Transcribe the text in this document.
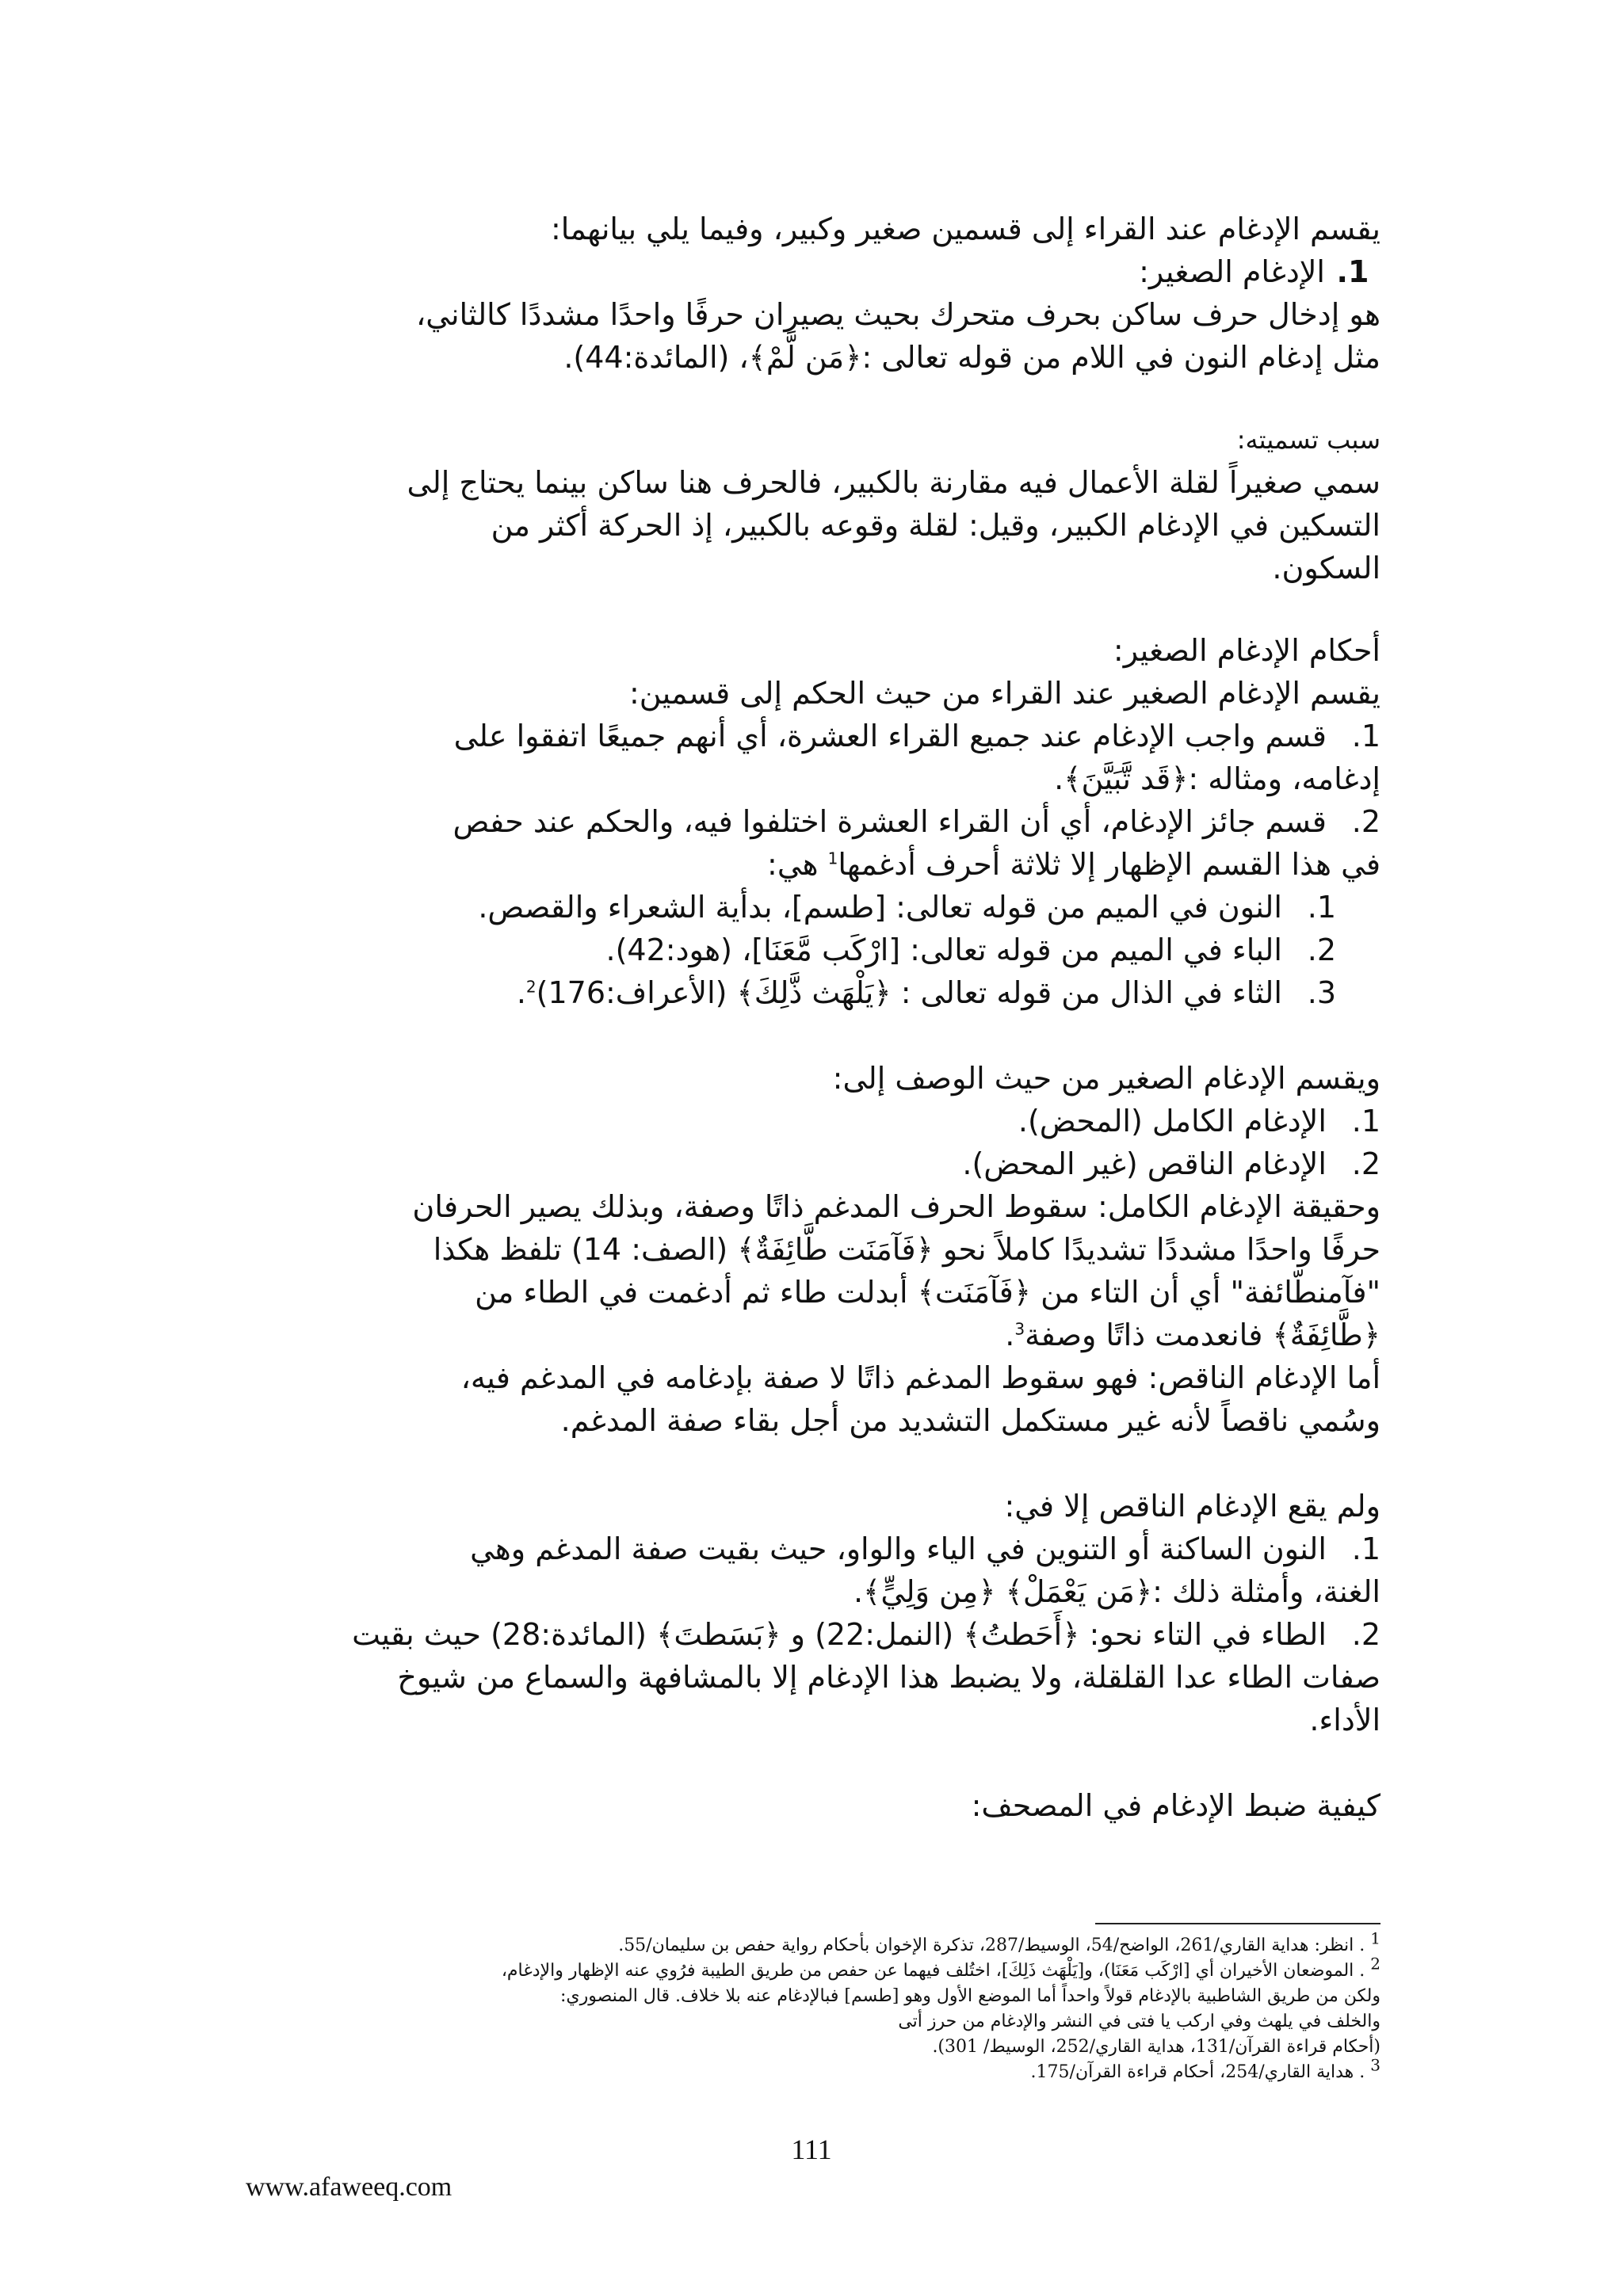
يقسم الإدغام عند القراء إلى قسمين صغير وكبير، وفيما يلي بيانهما:

1.الإدغام الصغير:

هو إدخال حرف ساكن بحرف متحرك بحيث يصيران حرفًا واحدًا مشددًا كالثاني،

مثل إدغام النون في اللام من قوله تعالى :﴿مَن لَّمْ﴾، (المائدة:44).

سبب تسميته:

سمي صغيراً لقلة الأعمال فيه مقارنة بالكبير، فالحرف هنا ساكن بينما يحتاج إلى

التسكين في الإدغام الكبير، وقيل: لقلة وقوعه بالكبير، إذ الحركة أكثر من

السكون.

أحكام الإدغام الصغير:

يقسم الإدغام الصغير عند القراء من حيث الحكم إلى قسمين:

1. قسم واجب الإدغام عند جميع القراء العشرة، أي أنهم جميعًا اتفقوا على

إدغامه، ومثاله :﴿قَد تَّبَيَّنَ﴾.

2. قسم جائز الإدغام، أي أن القراء العشرة اختلفوا فيه، والحكم عند حفص

في هذا القسم الإظهار إلا ثلاثة أحرف أدغمها$^1$ هي:

1. النون في الميم من قوله تعالى: [طسم]، بدأية الشعراء والقصص.

2. الباء في الميم من قوله تعالى: [ارْكَب مَّعَنَا]، (هود:42).

3. الثاء في الذال من قوله تعالى : ﴿يَلْهَث ذَّلِكَ﴾ (الأعراف:176)$^2$.

ويقسم الإدغام الصغير من حيث الوصف إلى:

1. الإدغام الكامل (المحض).

2. الإدغام الناقص (غير المحض).

وحقيقة الإدغام الكامل: سقوط الحرف المدغم ذاتًا وصفة، وبذلك يصير الحرفان

حرفًا واحدًا مشددًا تشديدًا كاملاً نحو ﴿فَآمَنَت طَّائِفَةٌ﴾ (الصف: 14) تلفظ هكذا

"فآمنطّائفة" أي أن التاء من ﴿فَآمَنَت﴾ أبدلت طاء ثم أدغمت في الطاء من

﴿طَّائِفَةٌ﴾ فانعدمت ذاتًا وصفة$^3$.

أما الإدغام الناقص: فهو سقوط المدغم ذاتًا لا صفة بإدغامه في المدغم فيه،

وسُمي ناقصاً لأنه غير مستكمل التشديد من أجل بقاء صفة المدغم.

ولم يقع الإدغام الناقص إلا في:

1. النون الساكنة أو التنوين في الياء والواو، حيث بقيت صفة المدغم وهي

الغنة، وأمثلة ذلك :﴿مَن يَعْمَلْ﴾ ﴿مِن وَلِيٍّ﴾.

2. الطاء في التاء نحو: ﴿أَحَطتُ﴾ (النمل:22) و ﴿بَسَطتَ﴾ (المائدة:28) حيث بقيت

صفات الطاء عدا القلقلة، ولا يضبط هذا الإدغام إلا بالمشافهة والسماع من شيوخ

الأداء.

كيفية ضبط الإدغام في المصحف:

$^1$ . انظر: هداية القاري/261، الواضح/54، الوسيط/287، تذكرة الإخوان بأحكام رواية حفص بن سليمان/55.

$^2$ . الموضعان الأخيران أي [ارْكَب مَعَنَا)، و[يَلْهَث ذَلِكَ]، اختُلف فيهما عن حفص من طريق الطيبة فرُوي عنه الإظهار والإدغام،

ولكن من طريق الشاطبية بالإدغام قولاً واحداً أما الموضع الأول وهو [طسم] فبالإدغام عنه بلا خلاف. قال المنصوري:

والخلف في يلهث وفي اركب يا فتى في النشر والإدغام من حرز أتى

(أحكام قراءة القرآن/131، هداية القاري/252، الوسيط/ 301).

$^3$ . هداية القاري/254، أحكام قراءة القرآن/175.

111
www.afaweeq.com
